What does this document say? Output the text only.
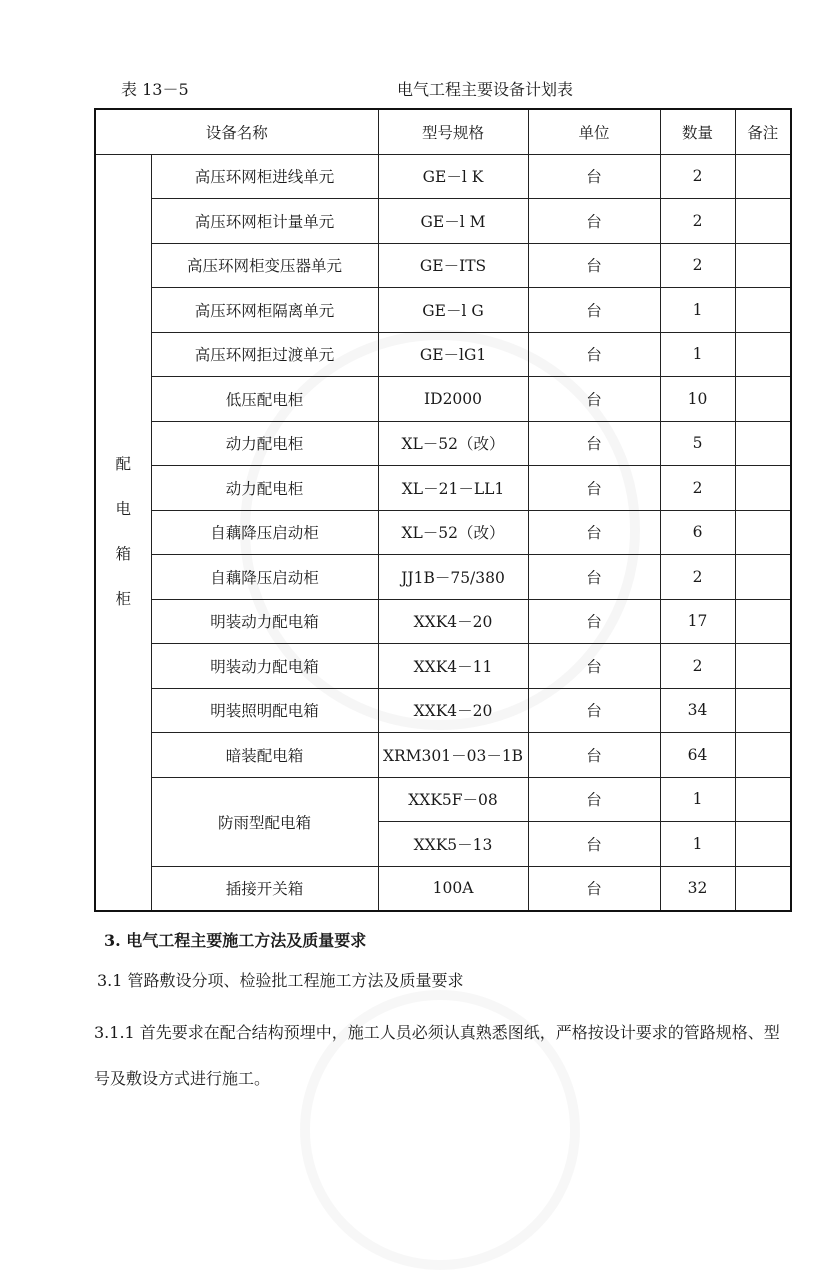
表 13－5	电气工程主要设备计划表
设备名称		型号规格	单位	数量	备注

配
电
箱
柜	高压环网柜进线单元	GE－l K	台	2	
	高压环网柜计量单元	GE－l M	台	2	
	高压环网柜变压器单元	GE－ITS	台	2	
	高压环网柜隔离单元	GE－l G	台	1	
	高压环网拒过渡单元	GE－lG1	台	1	
	低压配电柜	ID2000	台	10	
	动力配电柜	XL－52（改）	台	5	
	动力配电柜	XL－21－LL1	台	2	
	自藕降压启动柜	XL－52（改）	台	6	
	自藕降压启动柜	JJ1B－75/380	台	2	
	明装动力配电箱	XXK4－20	台	17	
	明装动力配电箱	XXK4－11	台	2	
	明装照明配电箱	XXK4－20	台	34	
	暗装配电箱	XRM301－03－1B	台	64	
	防雨型配电箱	XXK5F－08	台	1	
		XXK5－13	台	1	
	插接开关箱	100A	台	32	
3. 电气工程主要施工方法及质量要求
3.1 管路敷设分项、检验批工程施工方法及质量要求
3.1.1 首先要求在配合结构预埋中，施工人员必须认真熟悉图纸，严格按设计要求的管路规格、型号及敷设方式进行施工。
